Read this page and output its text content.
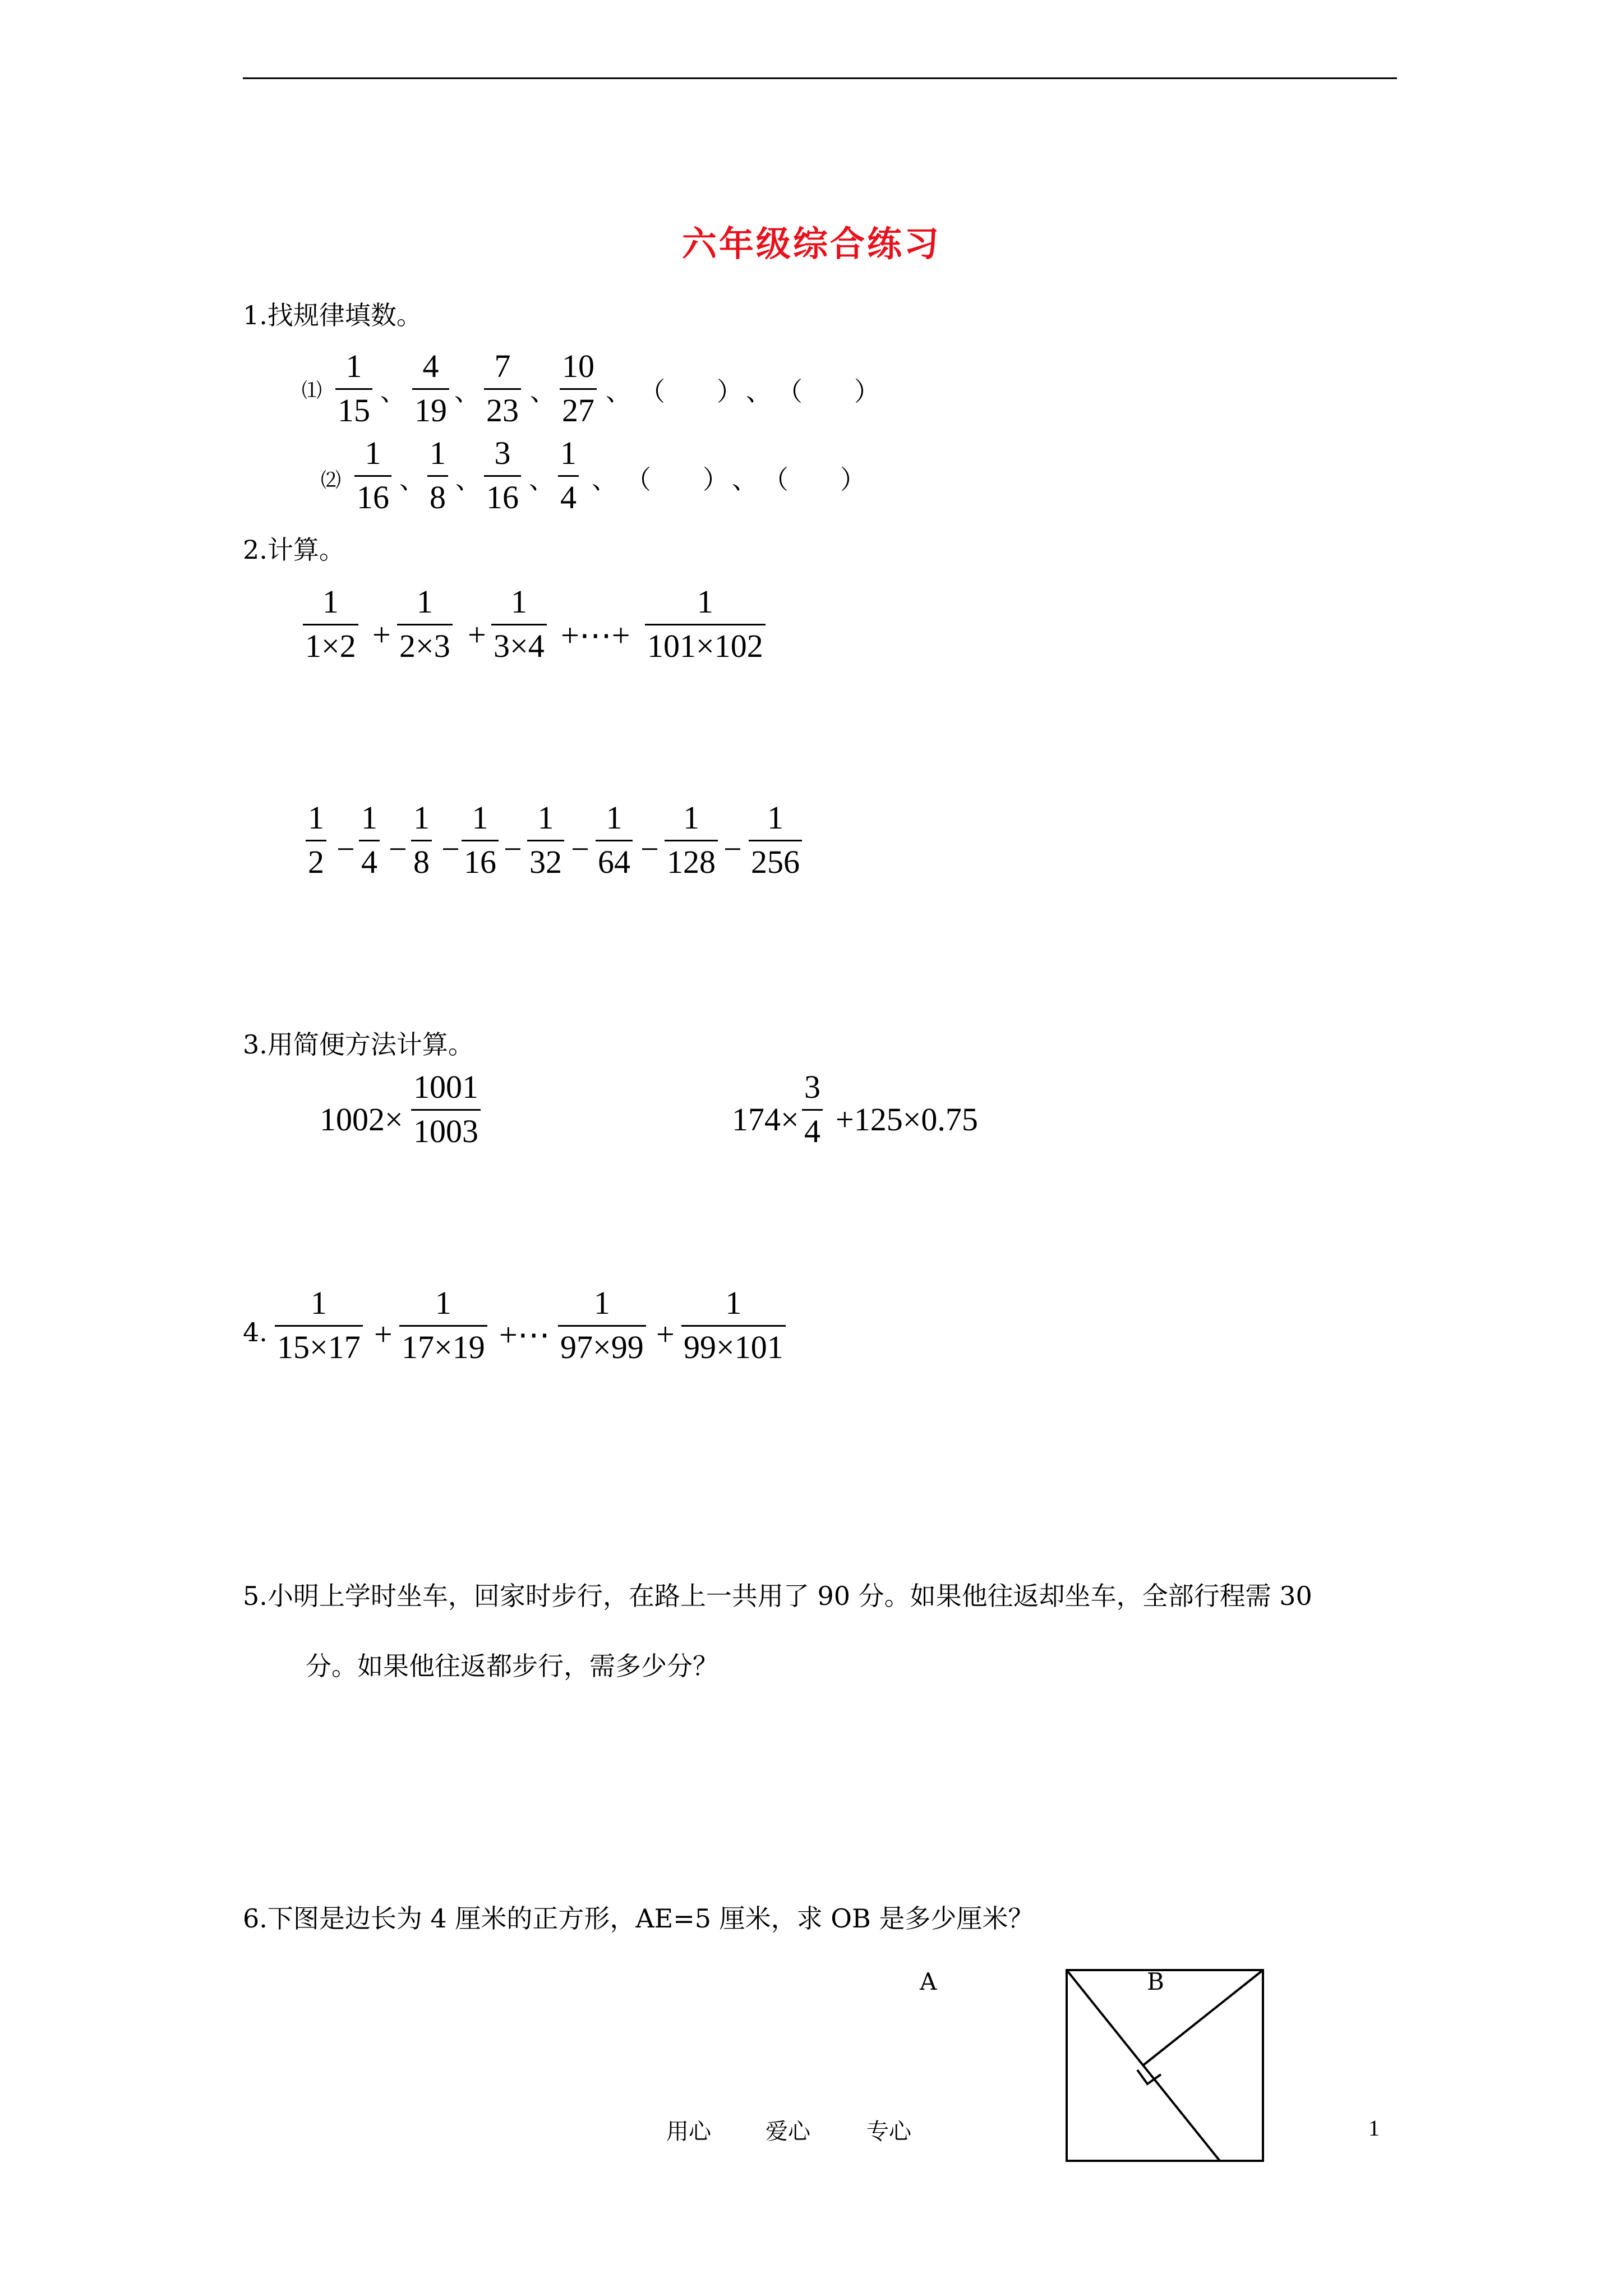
六年级综合练习
1.找规律填数。
⑴
1
15
、
4
19
、
7
23
、
10
27
、 （　　） 、 （　　）
⑵
1
16 、
1
8 、
3
16 、
1
4 、 （　　） 、 （　　）
2.计算。
1
1×2 +
1
2×3 +
1
3×4 +⋯+
1
101×102
1
2 −
1
4 −
1
8 −
1
16 −
1
32 −
1
64 −
1
128 −
1
256
3.用简便方法计算。
1002×
1001
1003	174×
3
4 +125×0.75
4.
1
15×17 +
1
17×19 +⋯
1
97×99 +
1
99×101
5.小明上学时坐车，回家时步行，在路上一共用了 90 分。如果他往返却坐车，全部行程需 30
分。如果他往返都步行，需多少分？
6.下图是边长为 4 厘米的正方形，AE=5 厘米，求 OB 是多少厘米？
A	B
用心 爱心	专心	1
